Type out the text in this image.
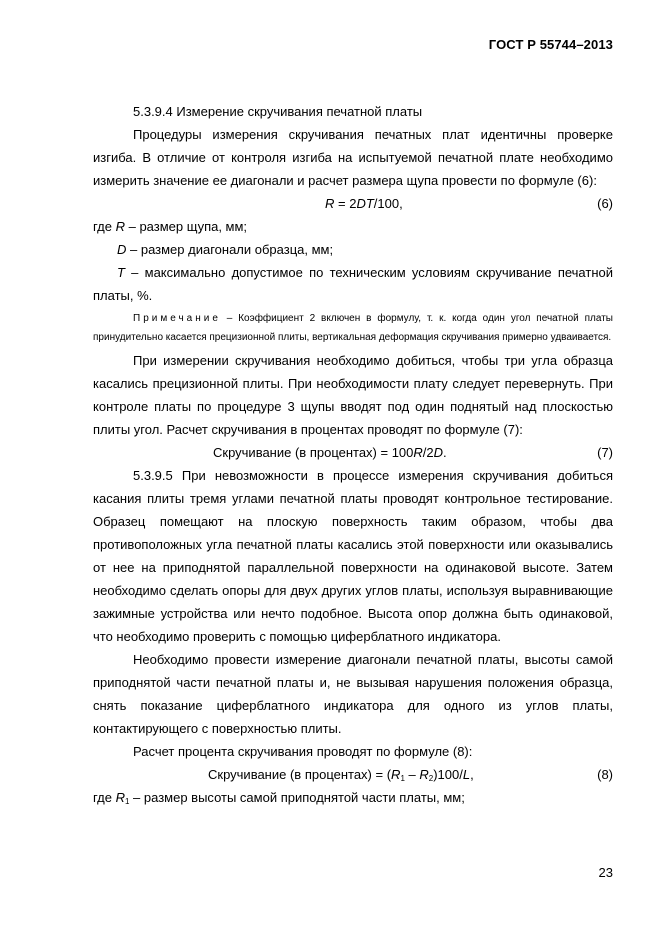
ГОСТ Р 55744–2013

5.3.9.4 Измерение скручивания печатной платы

Процедуры измерения скручивания печатных плат идентичны проверке изгиба. В отличие от контроля изгиба на испытуемой печатной плате необходимо измерить значение ее диагонали и расчет размера щупа провести по формуле (6):

R = 2DT/100,	(6)

где R – размер щупа, мм;

D – размер диагонали образца, мм;

T – максимально допустимое по техническим условиям скручивание печатной платы, %.

Примечание – Коэффициент 2 включен в формулу, т. к. когда один угол печатной платы принудительно касается прецизионной плиты, вертикальная деформация скручивания примерно удваивается.

При измерении скручивания необходимо добиться, чтобы три угла образца касались прецизионной плиты. При необходимости плату следует перевернуть. При контроле платы по процедуре 3 щупы вводят под один поднятый над плоскостью плиты угол. Расчет скручивания в процентах проводят по формуле (7):

Скручивание (в процентах) = 100R/2D.	(7)

5.3.9.5 При невозможности в процессе измерения скручивания добиться касания плиты тремя углами печатной платы проводят контрольное тестирование. Образец помещают на плоскую поверхность таким образом, чтобы два противоположных угла печатной платы касались этой поверхности или оказывались от нее на приподнятой параллельной поверхности на одинаковой высоте. Затем необходимо сделать опоры для двух других углов платы, используя выравнивающие зажимные устройства или нечто подобное. Высота опор должна быть одинаковой, что необходимо проверить с помощью циферблатного индикатора.

Необходимо провести измерение диагонали печатной платы, высоты самой приподнятой части печатной платы и, не вызывая нарушения положения образца, снять показание циферблатного индикатора для одного из углов платы, контактирующего с поверхностью плиты.

Расчет процента скручивания проводят по формуле (8):

Скручивание (в процентах) = $(R_1 - R_2)100/L$,	(8)

где $R_1$ – размер высоты самой приподнятой части платы, мм;

23
